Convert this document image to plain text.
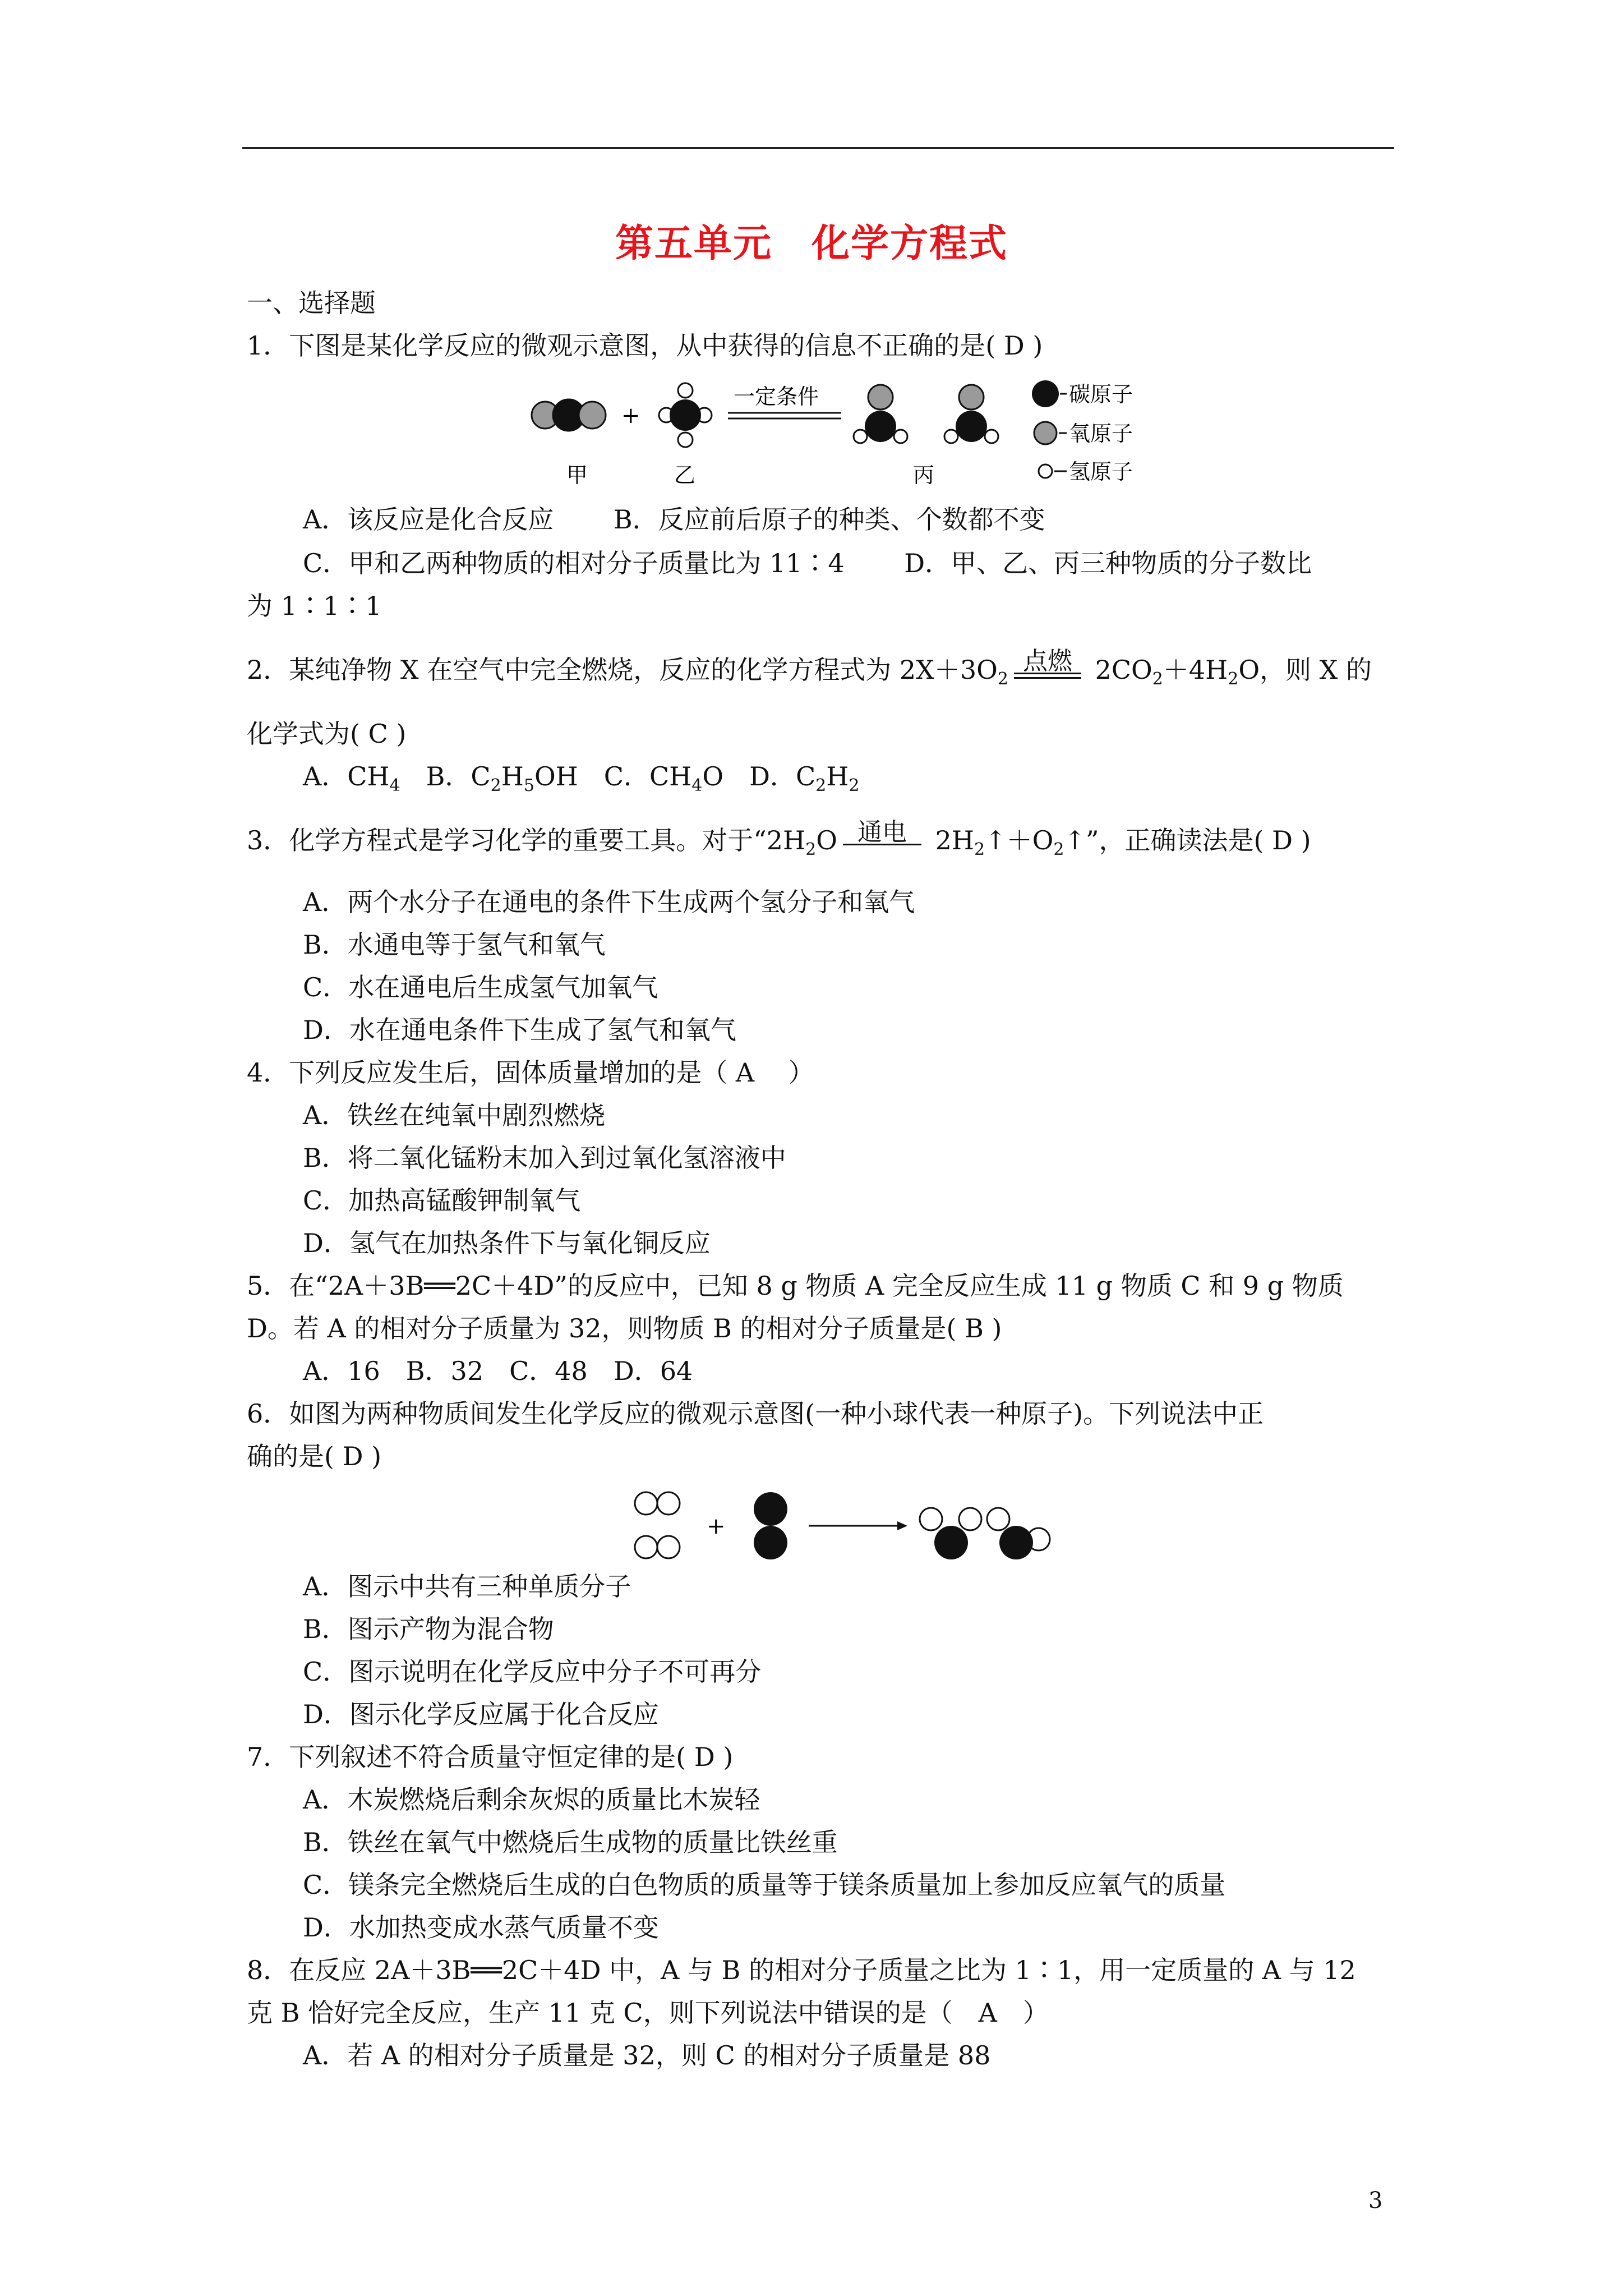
第五单元 化学方程式
一、选择题
1．下图是某化学反应的微观示意图，从中获得的信息不正确的是( D )
+
一定条件
甲	乙	丙
碳原子
氧原子
氢原子
A．该反应是化合反应　　 B．反应前后原子的种类、个数都不变
C．甲和乙两种物质的相对分子质量比为 11∶4　　 D．甲、乙、丙三种物质的分子数比
为 1∶1∶1
2．某纯净物 X 在空气中完全燃烧，反应的化学方程式为 $2X+3O_2$
点燃 $2CO_2+4H_2O$，则 X 的
化学式为( C )
A．$CH_4$　 B．$C_2H_5OH$　 C．$CH_4O$　 D．$C_2H_2$
3．化学方程式是学习化学的重要工具。对于“$2H_2O$ 通电 $2H_2↑+O_2↑$”，正确读法是( D )
A．两个水分子在通电的条件下生成两个氢分子和氧气
B．水通电等于氢气和氧气
C．水在通电后生成氢气加氧气
D．水在通电条件下生成了氢气和氧气
4．下列反应发生后，固体质量增加的是（ A　 ）
A．铁丝在纯氧中剧烈燃烧
B．将二氧化锰粉末加入到过氧化氢溶液中
C．加热高锰酸钾制氧气
D．氢气在加热条件下与氧化铜反应
5．在“2A＋3B══2C＋4D”的反应中，已知 8 g 物质 A 完全反应生成 11 g 物质 C 和 9 g 物质
D。若 A 的相对分子质量为 32，则物质 B 的相对分子质量是( B )
A．16　B．32　C．48　D．64
6．如图为两种物质间发生化学反应的微观示意图(一种小球代表一种原子)。下列说法中正
确的是( D )
+
A．图示中共有三种单质分子
B．图示产物为混合物
C．图示说明在化学反应中分子不可再分
D．图示化学反应属于化合反应
7．下列叙述不符合质量守恒定律的是( D )
A．木炭燃烧后剩余灰烬的质量比木炭轻
B．铁丝在氧气中燃烧后生成物的质量比铁丝重
C．镁条完全燃烧后生成的白色物质的质量等于镁条质量加上参加反应氧气的质量
D．水加热变成水蒸气质量不变
8．在反应 2A＋3B══2C＋4D 中，A 与 B 的相对分子质量之比为 1∶1，用一定质量的 A 与 12
克 B 恰好完全反应，生产 11 克 C，则下列说法中错误的是（　A　）
A．若 A 的相对分子质量是 32，则 C 的相对分子质量是 88
3
